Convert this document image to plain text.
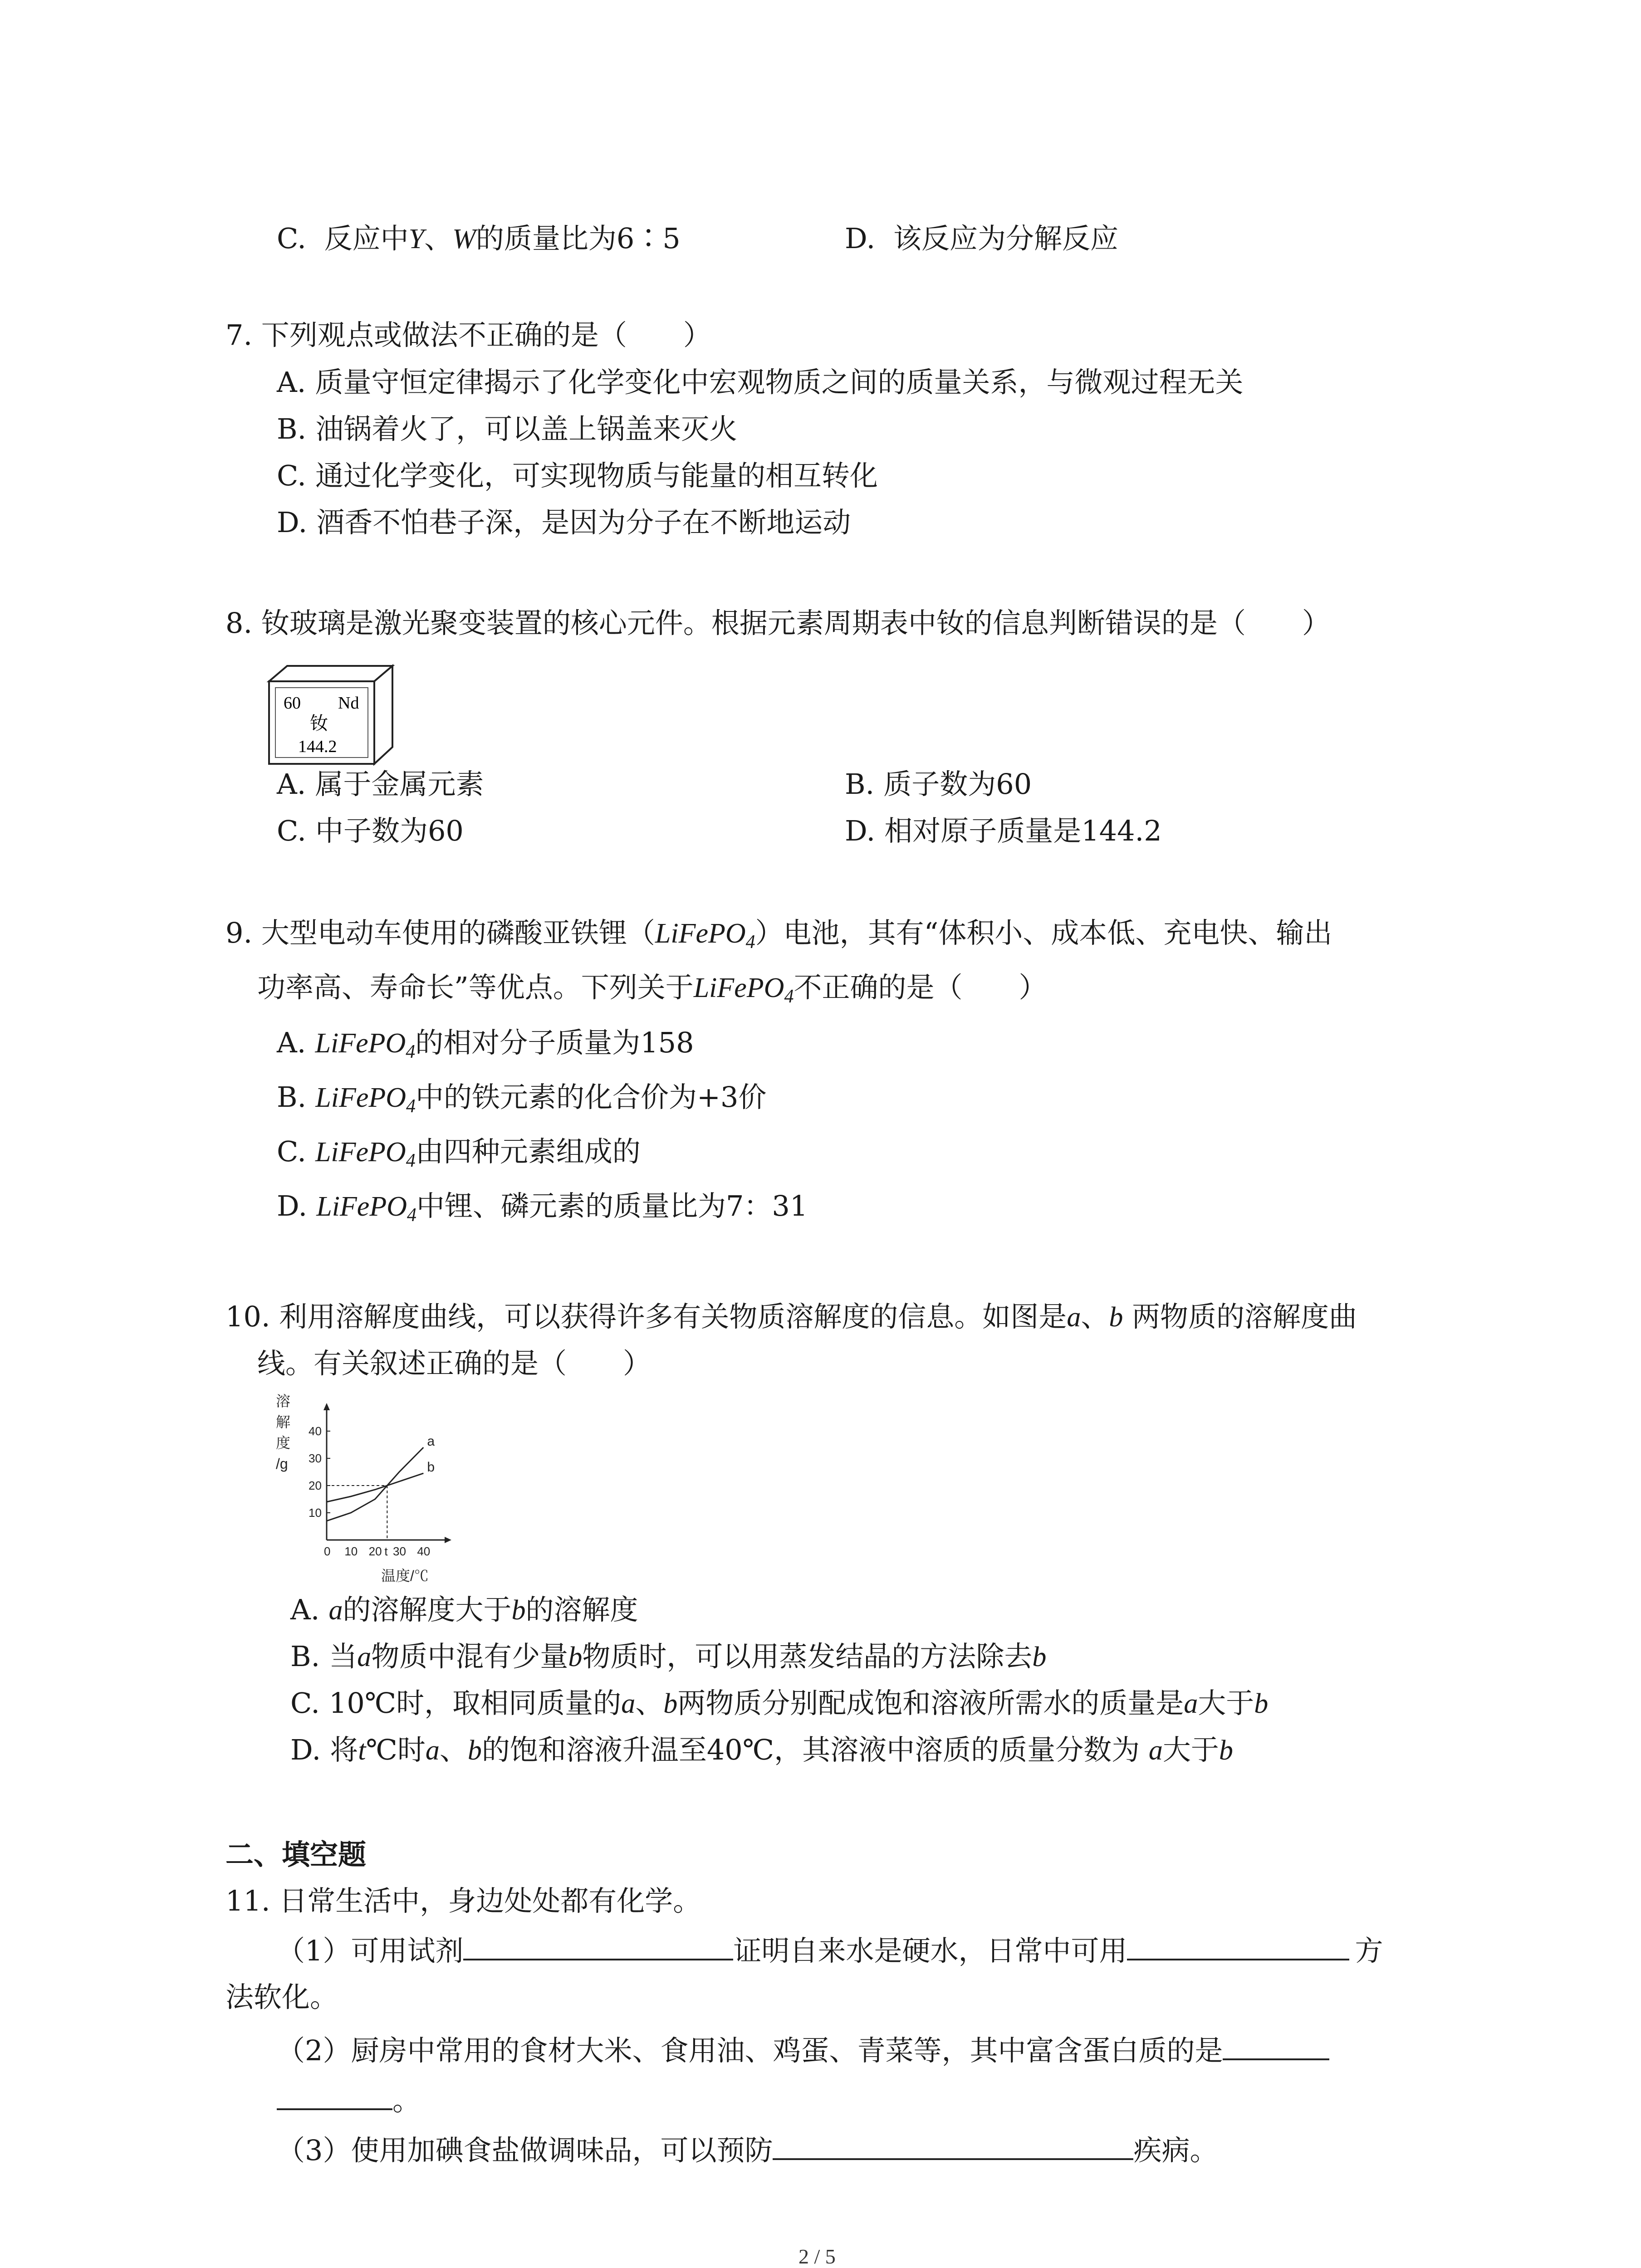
C. 反应中Y、W的质量比为6∶5	D. 该反应为分解反应
7. 下列观点或做法不正确的是（　　）
A. 质量守恒定律揭示了化学变化中宏观物质之间的质量关系，与微观过程无关
B. 油锅着火了，可以盖上锅盖来灭火
C. 通过化学变化，可实现物质与能量的相互转化
D. 酒香不怕巷子深，是因为分子在不断地运动
8. 钕玻璃是激光聚变装置的核心元件。根据元素周期表中钕的信息判断错误的是（　　）
60 Nd
钕
144.2
A. 属于金属元素	B. 质子数为60
C. 中子数为60	D. 相对原子质量是144.2
9. 大型电动车使用的磷酸亚铁锂（LiFePO$_4$）电池，其有“体积小、成本低、充电快、输出
功率高、寿命长”等优点。下列关于LiFePO$_4$不正确的是（　　）
A. LiFePO$_4$的相对分子质量为158
B. LiFePO$_4$中的铁元素的化合价为+3价
C. LiFePO$_4$由四种元素组成的
D. LiFePO$_4$中锂、磷元素的质量比为7：31
10. 利用溶解度曲线，可以获得许多有关物质溶解度的信息。如图是a、b 两物质的溶解度曲
线。有关叙述正确的是（　　）
10
20
30
40
0 10 20 t 30 40
a
b
溶
解
度
/g
温度/℃
A. a的溶解度大于b的溶解度
B. 当a物质中混有少量b物质时，可以用蒸发结晶的方法除去b
C. 10℃时，取相同质量的a、b两物质分别配成饱和溶液所需水的质量是a大于b
D. 将t℃时a、b的饱和溶液升温至40℃，其溶液中溶质的质量分数为 a大于b
二、填空题
11. 日常生活中，身边处处都有化学。
（1）可用试剂	证明自来水是硬水，日常中可用	方
法软化。
（2）厨房中常用的食材大米、食用油、鸡蛋、青菜等，其中富含蛋白质的是
。
（3）使用加碘食盐做调味品，可以预防	疾病。
2 / 5
